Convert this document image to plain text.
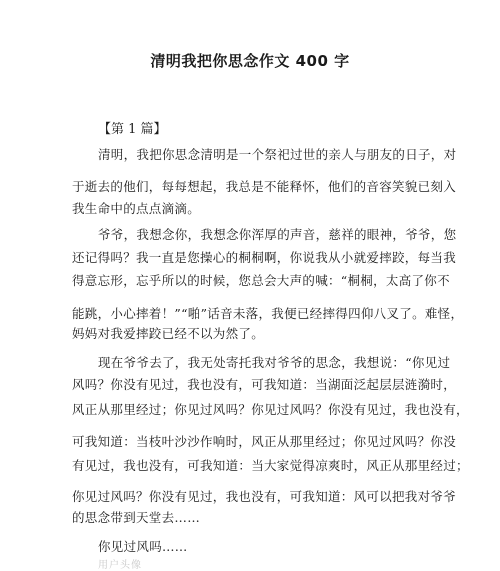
清明我把你思念作文 400 字
【第 1 篇】
清明，我把你思念清明是一个祭祀过世的亲人与朋友的日子，对
于逝去的他们，每每想起，我总是不能释怀，他们的音容笑貌已刻入
我生命中的点点滴滴。
爷爷，我想念你，我想念你浑厚的声音，慈祥的眼神，爷爷，您
还记得吗？我一直是您操心的桐桐啊，你说我从小就爱摔跤，每当我
得意忘形，忘乎所以的时候，您总会大声的喊：“桐桐，太高了你不
能跳，小心摔着！”“啪”话音未落，我便已经摔得四仰八叉了。难怪，
妈妈对我爱摔跤已经不以为然了。
现在爷爷去了，我无处寄托我对爷爷的思念，我想说：“你见过
风吗？你没有见过，我也没有，可我知道：当湖面泛起层层涟漪时，
风正从那里经过；你见过风吗？你见过风吗？你没有见过，我也没有，
可我知道：当枝叶沙沙作响时，风正从那里经过；你见过风吗？你没
有见过，我也没有，可我知道：当大家觉得凉爽时，风正从那里经过；
你见过风吗？你没有见过，我也没有，可我知道：风可以把我对爷爷
的思念带到天堂去……
你见过风吗……
用户头像
